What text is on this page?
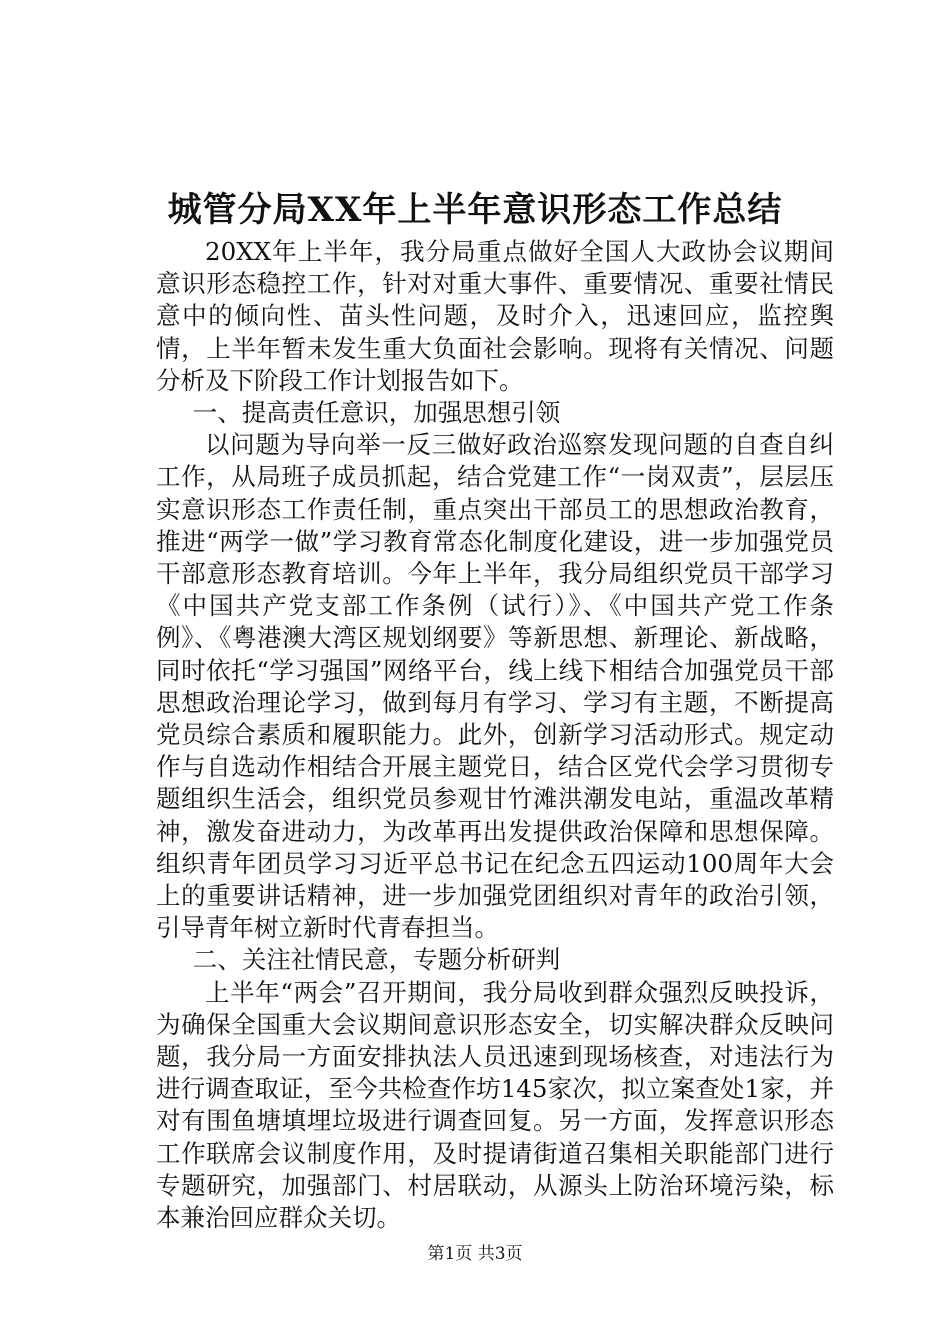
城管分局XX年上半年意识形态工作总结

20XX年上半年，我分局重点做好全国人大政协会议期间意识形态稳控工作，针对对重大事件、重要情况、重要社情民意中的倾向性、苗头性问题，及时介入，迅速回应，监控舆情，上半年暂未发生重大负面社会影响。现将有关情况、问题分析及下阶段工作计划报告如下。

一、提高责任意识，加强思想引领

以问题为导向举一反三做好政治巡察发现问题的自查自纠工作，从局班子成员抓起，结合党建工作“一岗双责”，层层压实意识形态工作责任制，重点突出干部员工的思想政治教育，推进“两学一做”学习教育常态化制度化建设，进一步加强党员干部意形态教育培训。今年上半年，我分局组织党员干部学习《中国共产党支部工作条例（试行）》、《中国共产党工作条例》、《粤港澳大湾区规划纲要》等新思想、新理论、新战略，同时依托“学习强国”网络平台，线上线下相结合加强党员干部思想政治理论学习，做到每月有学习、学习有主题，不断提高党员综合素质和履职能力。此外，创新学习活动形式。规定动作与自选动作相结合开展主题党日，结合区党代会学习贯彻专题组织生活会，组织党员参观甘竹滩洪潮发电站，重温改革精神，激发奋进动力，为改革再出发提供政治保障和思想保障。组织青年团员学习习近平总书记在纪念五四运动100周年大会上的重要讲话精神，进一步加强党团组织对青年的政治引领，引导青年树立新时代青春担当。

二、关注社情民意，专题分析研判

上半年“两会”召开期间，我分局收到群众强烈反映投诉，为确保全国重大会议期间意识形态安全，切实解决群众反映问题，我分局一方面安排执法人员迅速到现场核查，对违法行为进行调查取证，至今共检查作坊145家次，拟立案查处1家，并对有围鱼塘填埋垃圾进行调查回复。另一方面，发挥意识形态工作联席会议制度作用，及时提请街道召集相关职能部门进行专题研究，加强部门、村居联动，从源头上防治环境污染，标本兼治回应群众关切。

第1页 共3页
